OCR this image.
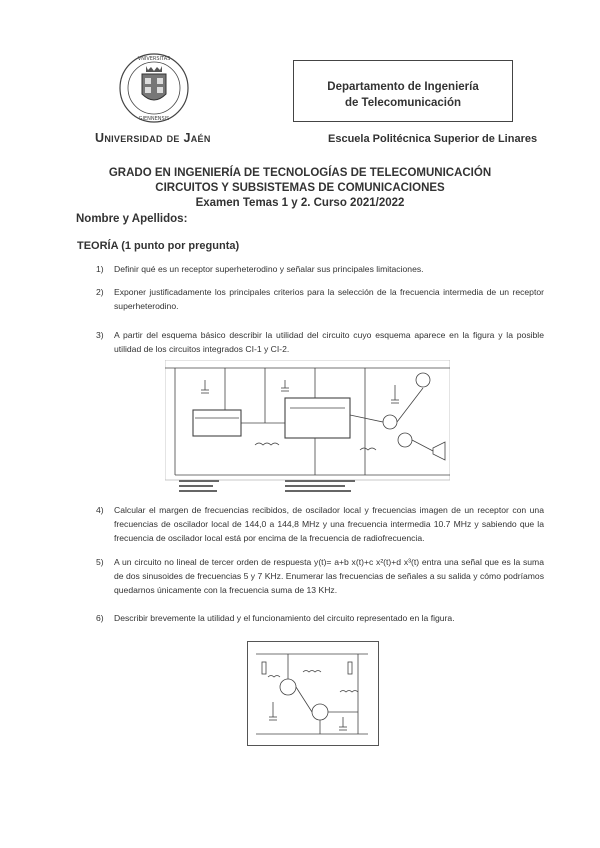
VNIVERSITAS
GIENNENSIS
Universidad de Jaén
Departamento de Ingeniería
de Telecomunicación
Escuela Politécnica Superior de Linares
GRADO EN INGENIERÍA DE TECNOLOGÍAS DE TELECOMUNICACIÓN
CIRCUITOS Y SUBSISTEMAS DE COMUNICACIONES
Examen Temas 1 y 2. Curso 2021/2022
Nombre y Apellidos:
TEORÍA (1 punto por pregunta)
1)	Definir qué es un receptor superheterodino y señalar sus principales limitaciones.
2)	Exponer justificadamente los principales criterios para la selección de la frecuencia intermedia de un receptor superheterodino.
3)	A partir del esquema básico describir la utilidad del circuito cuyo esquema aparece en la figura y la posible utilidad de los circuitos integrados CI-1 y CI-2.
4)	Calcular el margen de frecuencias recibidos, de oscilador local y frecuencias imagen de un receptor con una frecuencias de oscilador local de 144,0 a 144,8 MHz y una frecuencia intermedia 10.7 MHz y sabiendo que la frecuencia de oscilador local está por encima de la frecuencia de radiofrecuencia.
5)	A un circuito no lineal de tercer orden de respuesta y(t)= a+b x(t)+c x²(t)+d x³(t) entra una señal que es la suma de dos sinusoides de frecuencias 5 y 7 KHz. Enumerar las frecuencias de señales a su salida y cómo podríamos quedarnos únicamente con la frecuencia suma de 13 KHz.
6)	Describir brevemente la utilidad y el funcionamiento del circuito representado en la figura.
